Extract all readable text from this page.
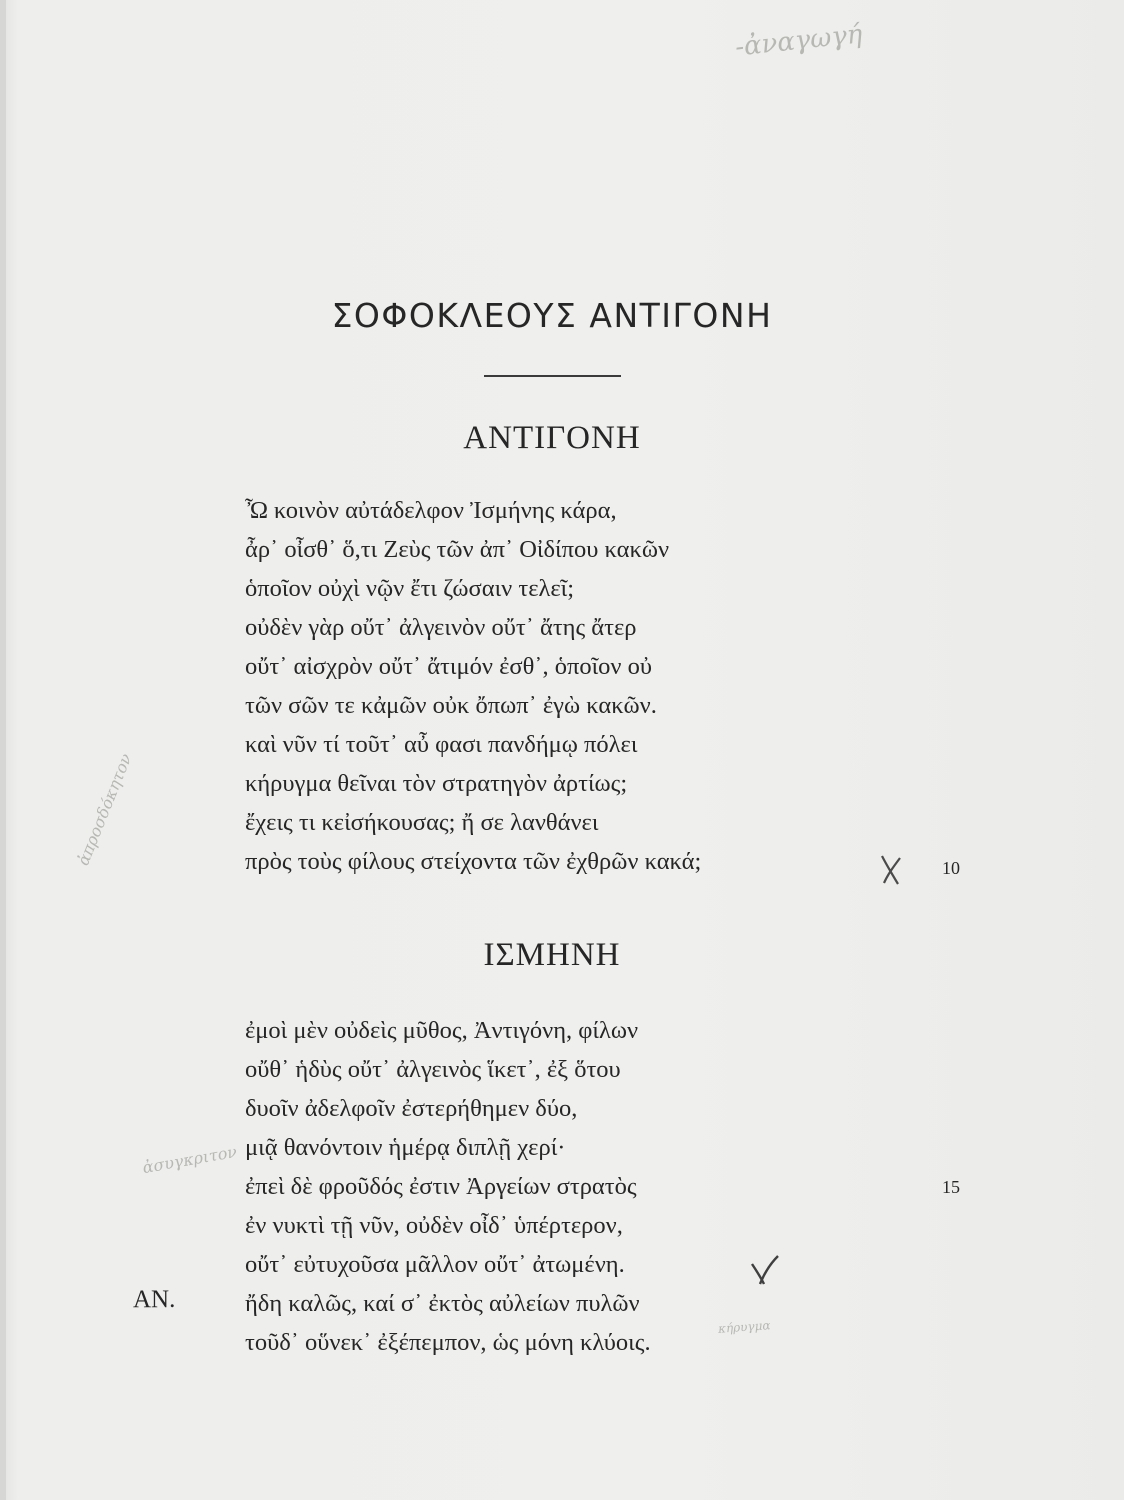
-ἀναγωγή
ἀπροσδόκητον
ἀσυγκριτον
κήρυγμα
ΣΟΦΟΚΛΕΟΥΣ ΑΝΤΙΓΟΝΗ
ΑΝΤΙΓΟΝΗ
Ὦ κοινὸν αὐτάδελφον Ἰσμήνης κάρα,
ἆρ᾽ οἶσθ᾽ ὅ,τι Ζεὺς τῶν ἀπ᾽ Οἰδίπου κακῶν
ὁποῖον οὐχὶ νῷν ἔτι ζώσαιν τελεῖ;
οὐδὲν γὰρ οὔτ᾽ ἀλγεινὸν οὔτ᾽ ἄτης ἄτερ
οὔτ᾽ αἰσχρὸν οὔτ᾽ ἄτιμόν ἐσθ᾽, ὁποῖον οὐ
τῶν σῶν τε κἀμῶν οὐκ ὄπωπ᾽ ἐγὼ κακῶν.
καὶ νῦν τί τοῦτ᾽ αὖ φασι πανδήμῳ πόλει
κήρυγμα θεῖναι τὸν στρατηγὸν ἀρτίως;
ἔχεις τι κεἰσήκουσας; ἤ σε λανθάνει
πρὸς τοὺς φίλους στείχοντα τῶν ἐχθρῶν κακά;	10
ΙΣΜΗΝΗ
ἐμοὶ μὲν οὐδεὶς μῦθος, Ἀντιγόνη, φίλων
οὔθ᾽ ἡδὺς οὔτ᾽ ἀλγεινὸς ἵκετ᾽, ἐξ ὅτου
δυοῖν ἀδελφοῖν ἐστερήθημεν δύο,
μιᾷ θανόντοιν ἡμέρᾳ διπλῇ χερί·
ἐπεὶ δὲ φροῦδός ἐστιν Ἀργείων στρατὸς
ἐν νυκτὶ τῇ νῦν, οὐδὲν οἶδ᾽ ὑπέρτερον,
οὔτ᾽ εὐτυχοῦσα μᾶλλον οὔτ᾽ ἀτωμένη.
15
ΑΝ.	ἤδη καλῶς, καί σ᾽ ἐκτὸς αὐλείων πυλῶν
τοῦδ᾽ οὕνεκ᾽ ἐξέπεμπον, ὡς μόνη κλύοις.
